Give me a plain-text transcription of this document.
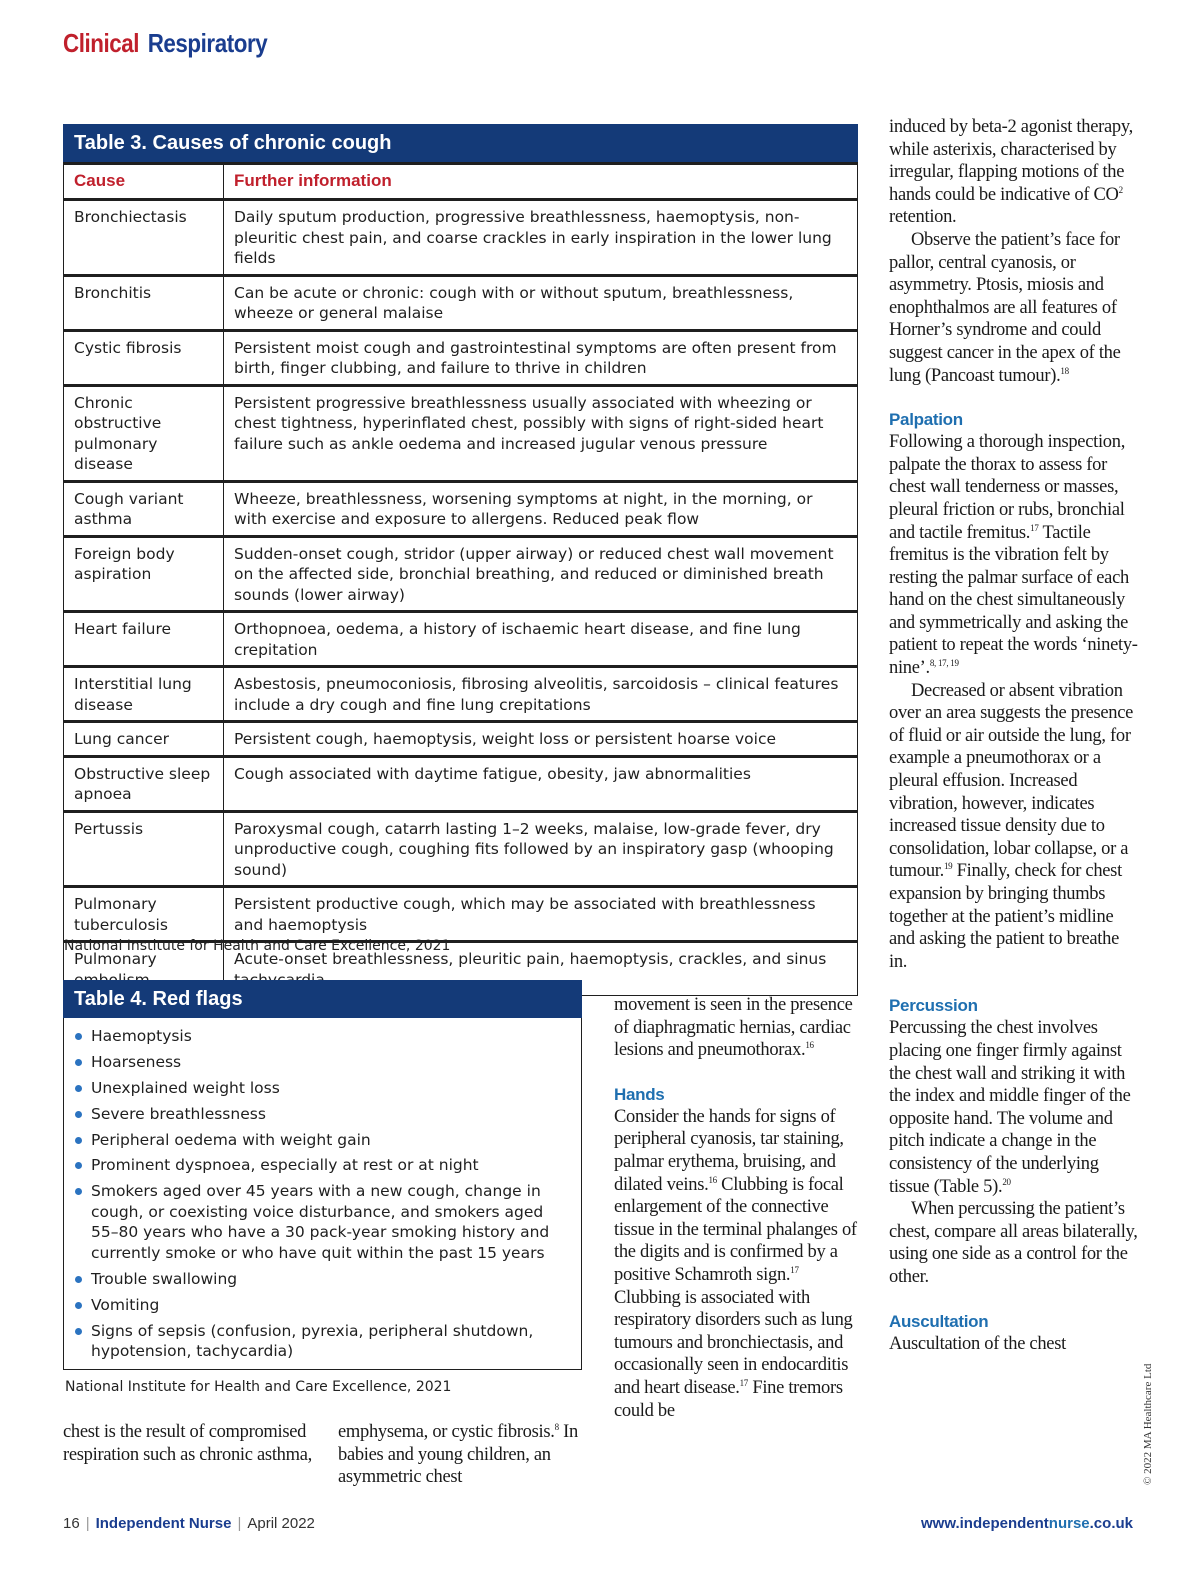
Clinical Respiratory
Table 3. Causes of chronic cough
Cause	Further information
Bronchiectasis	Daily sputum production, progressive breathlessness, haemoptysis, non-pleuritic chest pain, and coarse crackles in early inspiration in the lower lung fields
Bronchitis	Can be acute or chronic: cough with or without sputum, breathlessness, wheeze or general malaise
Cystic fibrosis	Persistent moist cough and gastrointestinal symptoms are often present from birth, finger clubbing, and failure to thrive in children
Chronic obstructive pulmonary disease	Persistent progressive breathlessness usually associated with wheezing or chest tightness, hyperinflated chest, possibly with signs of right-sided heart failure such as ankle oedema and increased jugular venous pressure
Cough variant asthma	Wheeze, breathlessness, worsening symptoms at night, in the morning, or with exercise and exposure to allergens. Reduced peak flow
Foreign body aspiration	Sudden-onset cough, stridor (upper airway) or reduced chest wall movement on the affected side, bronchial breathing, and reduced or diminished breath sounds (lower airway)
Heart failure	Orthopnoea, oedema, a history of ischaemic heart disease, and fine lung crepitation
Interstitial lung disease	Asbestosis, pneumoconiosis, fibrosing alveolitis, sarcoidosis – clinical features include a dry cough and fine lung crepitations
Lung cancer	Persistent cough, haemoptysis, weight loss or persistent hoarse voice
Obstructive sleep apnoea	Cough associated with daytime fatigue, obesity, jaw abnormalities
Pertussis	Paroxysmal cough, catarrh lasting 1–2 weeks, malaise, low-grade fever, dry unproductive cough, coughing fits followed by an inspiratory gasp (whooping sound)
Pulmonary tuberculosis	Persistent productive cough, which may be associated with breathlessness and haemoptysis
Pulmonary	Acute-onset breathlessness, pleuritic pain, haemoptysis, crackles, and sinus
National Institute for Health and Care Excellence, 2021
Table 4. Red flags
Haemoptysis
Hoarseness
Unexplained weight loss
Severe breathlessness
Peripheral oedema with weight gain
Prominent dyspnoea, especially at rest or at night
Smokers aged over 45 years with a new cough, change in cough, or coexisting voice disturbance, and smokers aged 55–80 years who have a 30 pack-year smoking history and currently smoke or who have quit within the past 15 years
Trouble swallowing
Vomiting
Signs of sepsis (confusion, pyrexia, peripheral shutdown, hypotension, tachycardia)
National Institute for Health and Care Excellence, 2021

chest is the result of compromised respiration such as chronic asthma,

emphysema, or cystic fibrosis.$^8$ In babies and young children, an asymmetric chest

movement is seen in the presence of diaphragmatic hernias, cardiac lesions and pneumothorax.$^{16}$

Hands

Consider the hands for signs of peripheral cyanosis, tar staining, palmar erythema, bruising, and dilated veins.$^{16}$ Clubbing is focal enlargement of the connective tissue in the terminal phalanges of the digits and is confirmed by a positive Schamroth sign.$^{17}$ Clubbing is associated with respiratory disorders such as lung tumours and bronchiectasis, and occasionally seen in endocarditis and heart disease.$^{17}$ Fine tremors could be

induced by beta-2 agonist therapy, while asterixis, characterised by irregular, flapping motions of the hands could be indicative of $CO^2$ retention.

Observe the patient’s face for pallor, central cyanosis, or asymmetry. Ptosis, miosis and enophthalmos are all features of Horner’s syndrome and could suggest cancer in the apex of the lung (Pancoast tumour).$^{18}$

Palpation

Following a thorough inspection, palpate the thorax to assess for chest wall tenderness or masses, pleural friction or rubs, bronchial and tactile fremitus.$^{17}$ Tactile fremitus is the vibration felt by resting the palmar surface of each hand on the chest simultaneously and symmetrically and asking the patient to repeat the words ‘ninety-nine’.$^{8, 17, 19}$

Decreased or absent vibration over an area suggests the presence of fluid or air outside the lung, for example a pneumothorax or a pleural effusion. Increased vibration, however, indicates increased tissue density due to consolidation, lobar collapse, or a tumour.$^{19}$ Finally, check for chest expansion by bringing thumbs together at the patient’s midline and asking the patient to breathe in.

Percussion

Percussing the chest involves placing one finger firmly against the chest wall and striking it with the index and middle finger of the opposite hand. The volume and pitch indicate a change in the consistency of the underlying tissue (Table 5).$^{20}$

When percussing the patient’s chest, compare all areas bilaterally, using one side as a control for the other.

Auscultation

Auscultation of the chest

© 2022 MA Healthcare Ltd
16 | Independent Nurse | April 2022	www.independentnurse.co.uk
